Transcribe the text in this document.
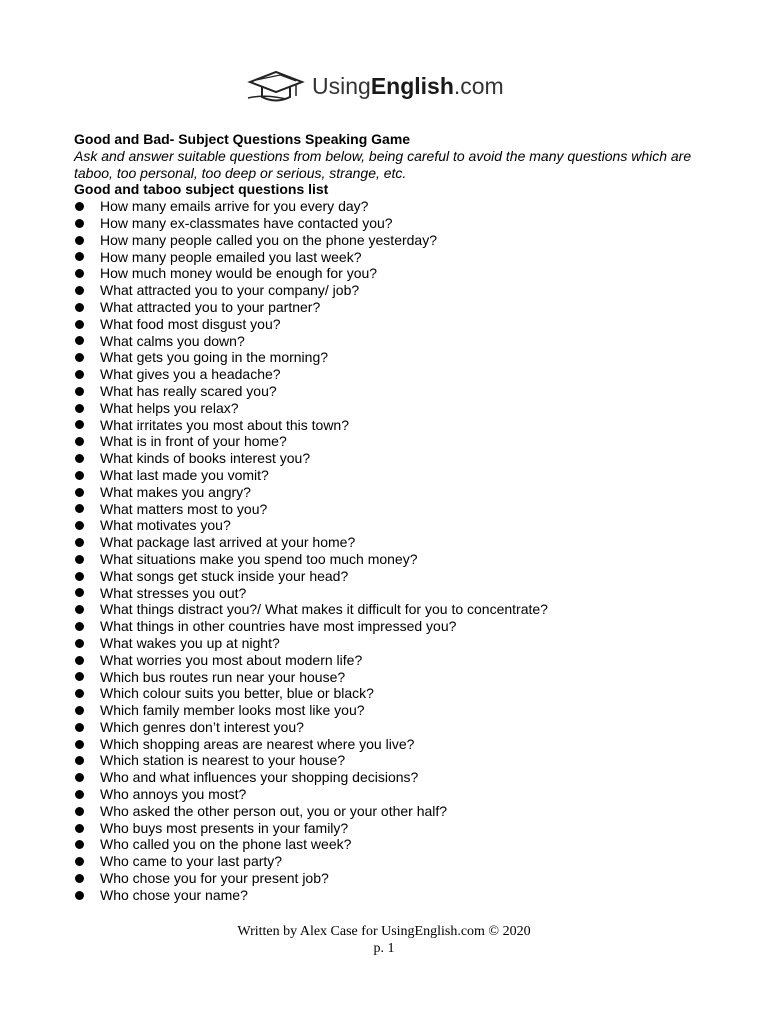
UsingEnglish.com

Good and Bad- Subject Questions Speaking Game

Ask and answer suitable questions from below, being careful to avoid the many questions which are taboo, too personal, too deep or serious, strange, etc.

Good and taboo subject questions list

How many emails arrive for you every day?
How many ex-classmates have contacted you?
How many people called you on the phone yesterday?
How many people emailed you last week?
How much money would be enough for you?
What attracted you to your company/ job?
What attracted you to your partner?
What food most disgust you?
What calms you down?
What gets you going in the morning?
What gives you a headache?
What has really scared you?
What helps you relax?
What irritates you most about this town?
What is in front of your home?
What kinds of books interest you?
What last made you vomit?
What makes you angry?
What matters most to you?
What motivates you?
What package last arrived at your home?
What situations make you spend too much money?
What songs get stuck inside your head?
What stresses you out?
What things distract you?/ What makes it difficult for you to concentrate?
What things in other countries have most impressed you?
What wakes you up at night?
What worries you most about modern life?
Which bus routes run near your house?
Which colour suits you better, blue or black?
Which family member looks most like you?
Which genres don’t interest you?
Which shopping areas are nearest where you live?
Which station is nearest to your house?
Who and what influences your shopping decisions?
Who annoys you most?
Who asked the other person out, you or your other half?
Who buys most presents in your family?
Who called you on the phone last week?
Who came to your last party?
Who chose you for your present job?
Who chose your name?
Written by Alex Case for UsingEnglish.com © 2020
p. 1
